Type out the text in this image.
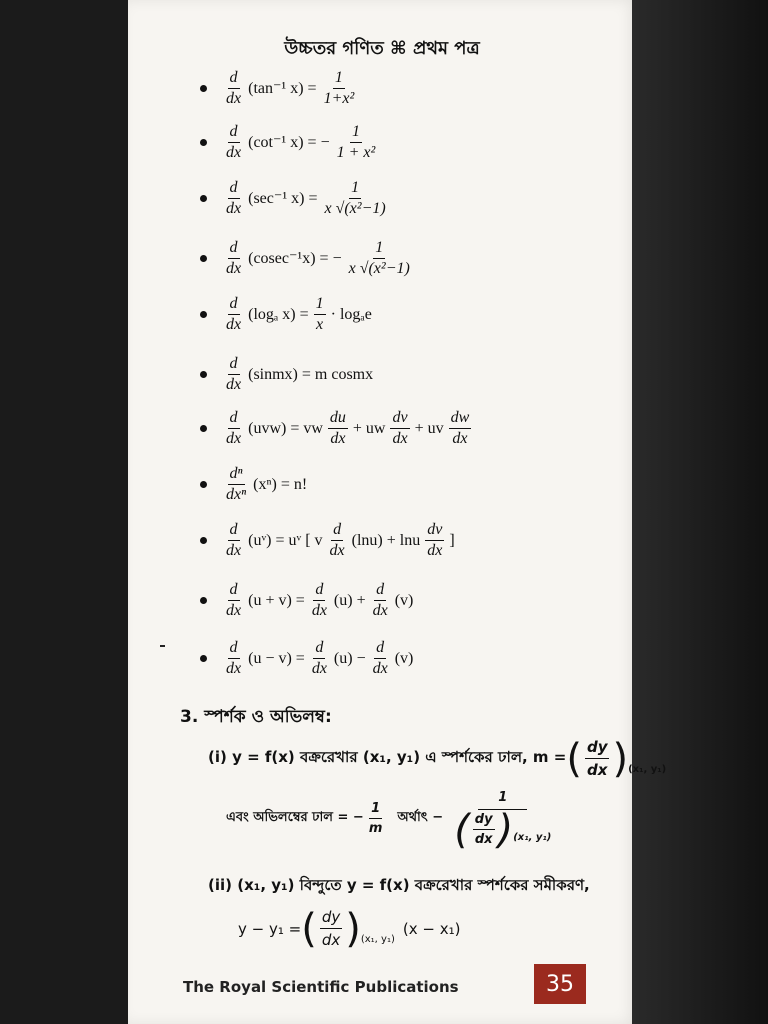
উচ্চতর গণিত ⌘ প্রথম পত্র
$\frac{d}{dx} (\tan^{-1}$ $x) = \frac{1}{\text{1+x²}}$
$\frac{d}{dx} (\cot^{-1}$ x) = − $\frac{1}{\text{1 + x²}}$
$\frac{d}{dx} (\sec^{-1}$ $x) = \frac{1}{\text{x √(x²−1)}}$
$\frac{d}{dx} (cosec^{-1}x)$ = − $\frac{1}{\text{x √(x²−1)}}$
$\frac{d}{dx} (\log_a$ $x) = \frac{1}{x} \cdot \log_ae$
$\frac{d}{dx}$ (sinmx) = m cosmx
$\frac{d}{dx} (uvw)$ = vw $\frac{du}{dx}$ + uw $\frac{dv}{dx}$ + uv $\frac{dw}{dx}$
$\frac{\text{dⁿ}}{\text{dxⁿ}} (x^n) = n$!
$\frac{d}{dx}$ (uᵛ) = uᵛ [ v $\frac{d}{dx} (\ln u) + \ln u \frac{dv}{dx}$ ]
$\frac{d}{dx} (u + v) = \frac{d}{dx} (u) + \frac{d}{dx} (v)$
$\frac{d}{dx} (u - v) = \frac{d}{dx} (u) - \frac{d}{dx} (v)$
3. স্পর্শক ও অভিলম্ব:
(i) y = f(x) বক্ররেখার (x₁, y₁) এ স্পর্শকের ঢাল, m = ( $\frac{dy}{dx}$ ) (x₁, y₁)
এবং অভিলম্বের ঢাল = − $\frac{1}{m}$ অর্থাৎ − $\frac{1}{( \frac{dy}{dx} ) (x_1, y_1)}$
(ii) (x₁, y₁) বিন্দুতে y = f(x) বক্ররেখার স্পর্শকের সমীকরণ,
y − y₁ = ( $\frac{dy}{dx}$ ) (x₁, y₁)
(x − x₁)
The Royal Scientific Publications	35
